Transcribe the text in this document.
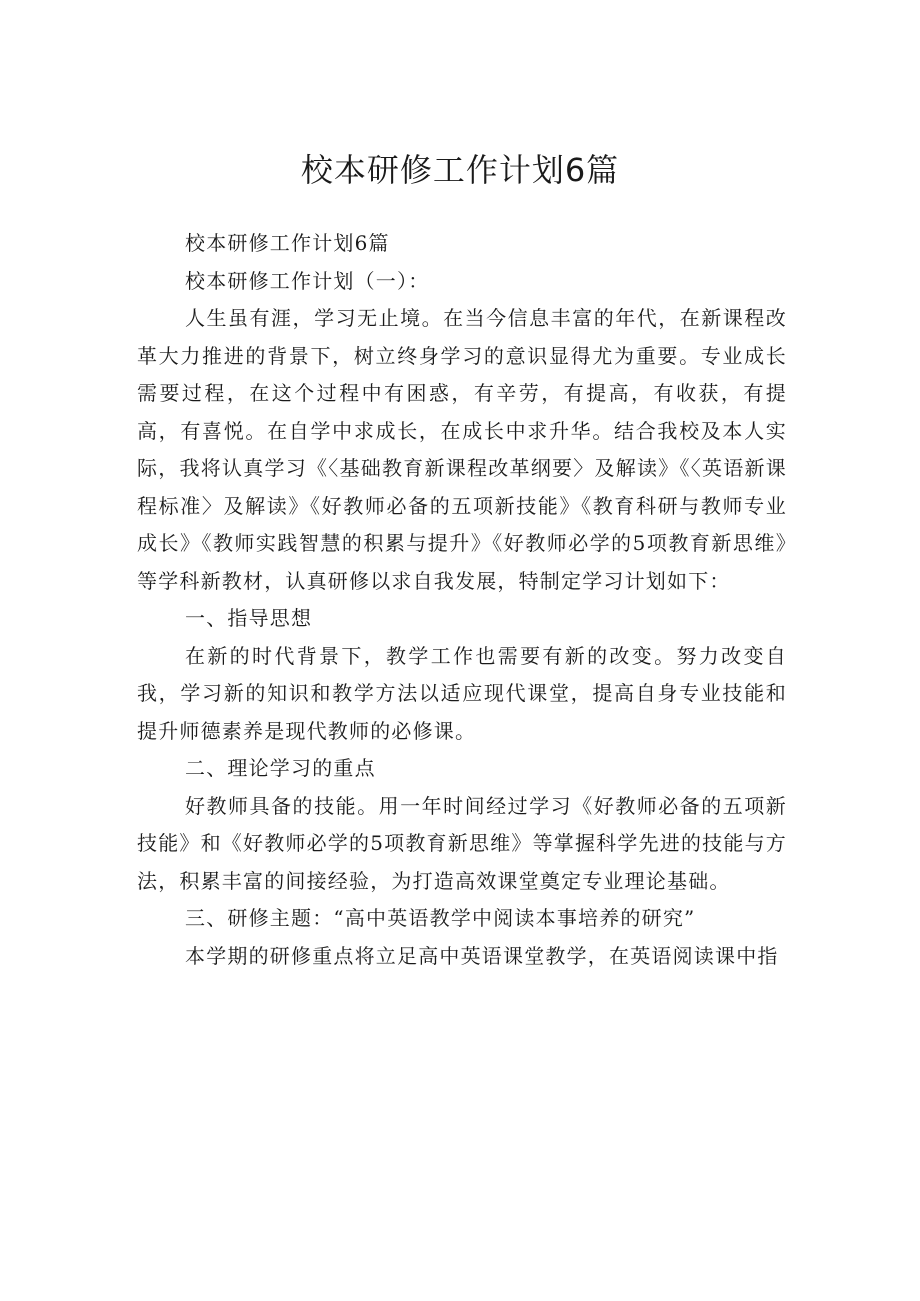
校本研修工作计划6篇

校本研修工作计划6篇

校本研修工作计划（一）：

人生虽有涯，学习无止境。在当今信息丰富的年代，在新课程改革大力推进的背景下，树立终身学习的意识显得尤为重要。专业成长需要过程，在这个过程中有困惑，有辛劳，有提高，有收获，有提高，有喜悦。在自学中求成长，在成长中求升华。结合我校及本人实际，我将认真学习《〈基础教育新课程改革纲要〉及解读》《〈英语新课程标准〉及解读》《好教师必备的五项新技能》《教育科研与教师专业成长》《教师实践智慧的积累与提升》《好教师必学的5项教育新思维》等学科新教材，认真研修以求自我发展，特制定学习计划如下：

一、指导思想

在新的时代背景下，教学工作也需要有新的改变。努力改变自我，学习新的知识和教学方法以适应现代课堂，提高自身专业技能和提升师德素养是现代教师的必修课。

二、理论学习的重点

好教师具备的技能。用一年时间经过学习《好教师必备的五项新技能》和《好教师必学的5项教育新思维》等掌握科学先进的技能与方法，积累丰富的间接经验，为打造高效课堂奠定专业理论基础。

三、研修主题：“高中英语教学中阅读本事培养的研究”

本学期的研修重点将立足高中英语课堂教学，在英语阅读课中指
